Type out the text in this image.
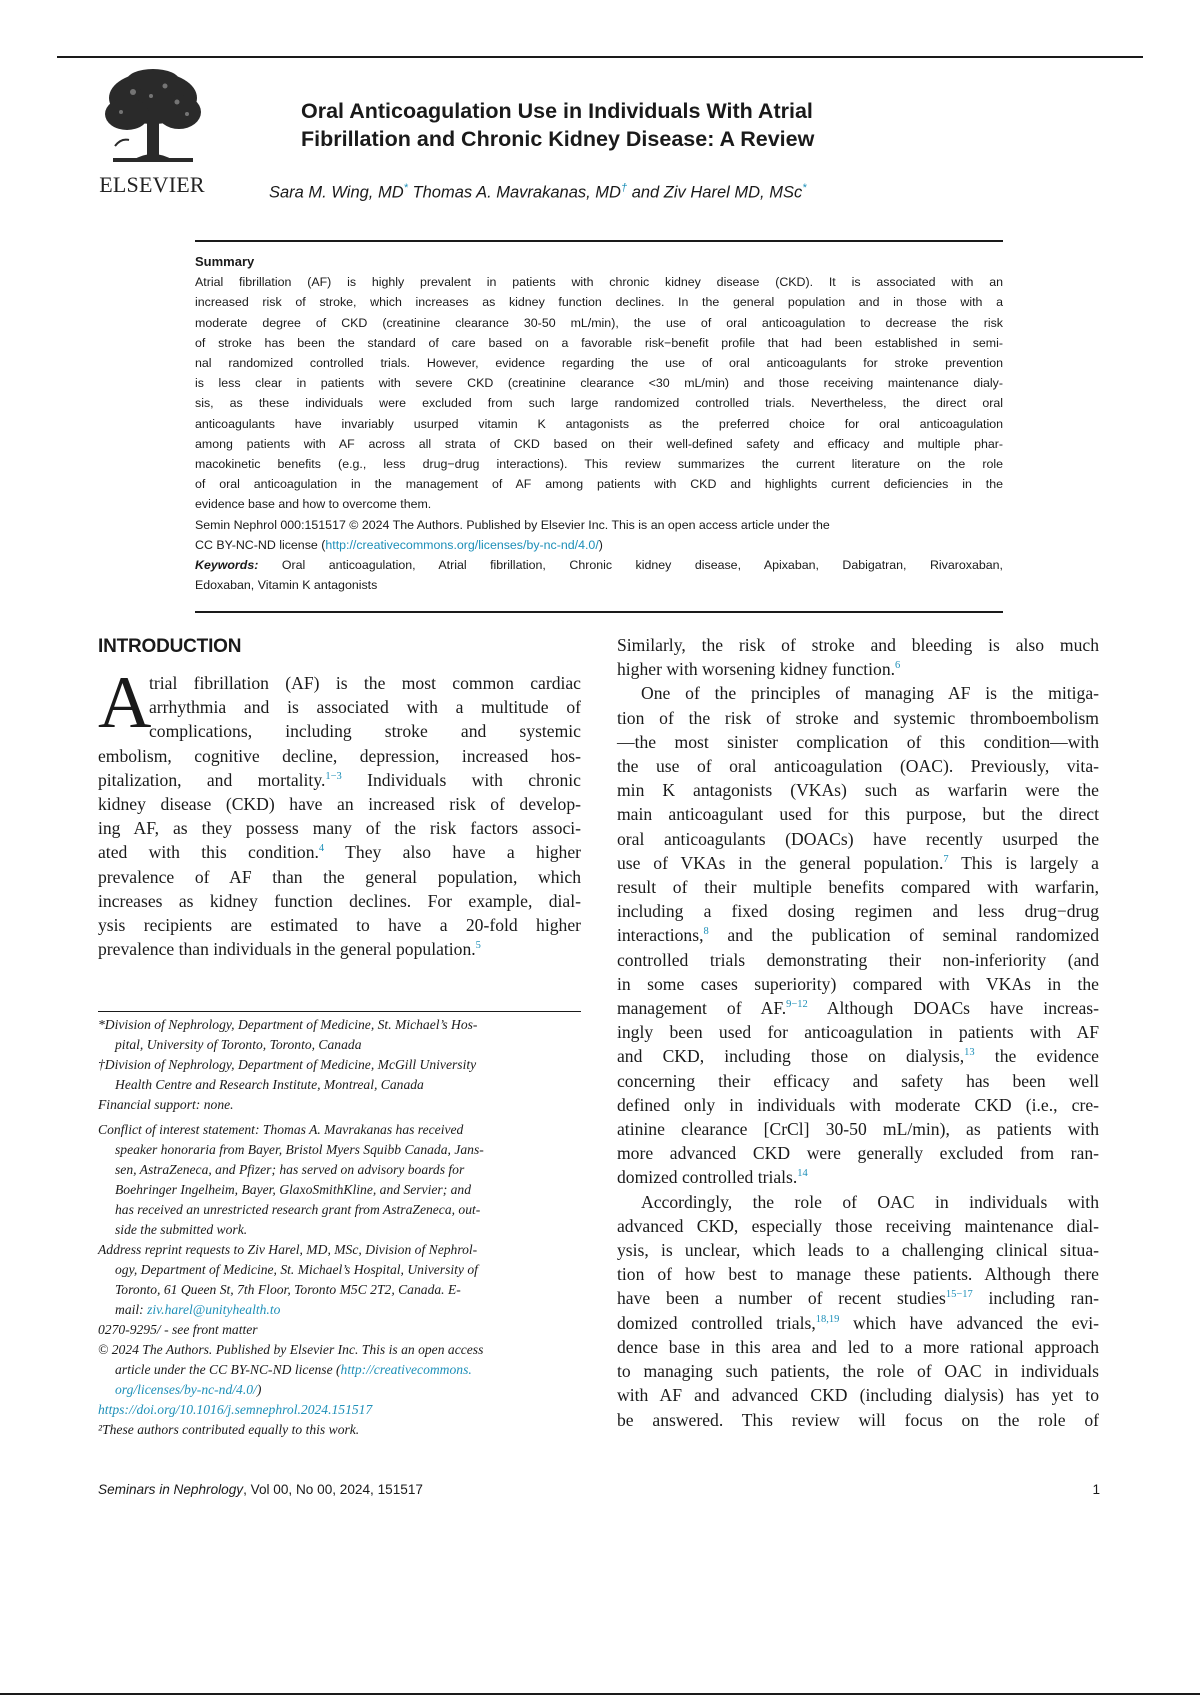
ELSEVIER
Oral Anticoagulation Use in Individuals With Atrial
Fibrillation and Chronic Kidney Disease: A Review
Sara M. Wing, MD* Thomas A. Mavrakanas, MD† and Ziv Harel MD, MSc*

Summary

Atrial fibrillation (AF) is highly prevalent in patients with chronic kidney disease (CKD). It is associated with an
increased risk of stroke, which increases as kidney function declines. In the general population and in those with a
moderate degree of CKD (creatinine clearance 30-50 mL/min), the use of oral anticoagulation to decrease the risk
of stroke has been the standard of care based on a favorable risk−benefit profile that had been established in semi-
nal randomized controlled trials. However, evidence regarding the use of oral anticoagulants for stroke prevention
is less clear in patients with severe CKD (creatinine clearance <30 mL/min) and those receiving maintenance dialy-
sis, as these individuals were excluded from such large randomized controlled trials. Nevertheless, the direct oral
anticoagulants have invariably usurped vitamin K antagonists as the preferred choice for oral anticoagulation
among patients with AF across all strata of CKD based on their well-defined safety and efficacy and multiple phar-
macokinetic benefits (e.g., less drug−drug interactions). This review summarizes the current literature on the role
of oral anticoagulation in the management of AF among patients with CKD and highlights current deficiencies in the
evidence base and how to overcome them.

Semin Nephrol 000:151517 © 2024 The Authors. Published by Elsevier Inc. This is an open access article under the
CC BY-NC-ND license (http://creativecommons.org/licenses/by-nc-nd/4.0/)

Keywords: Oral anticoagulation, Atrial fibrillation, Chronic kidney disease, Apixaban, Dabigatran, Rivaroxaban,
Edoxaban, Vitamin K antagonists

INTRODUCTION
A
trial fibrillation (AF) is the most common cardiac
arrhythmia and is associated with a multitude of
complications, including stroke and systemic
embolism, cognitive decline, depression, increased hos-
pitalization, and mortality.$^{1-3}$ Individuals with chronic
kidney disease (CKD) have an increased risk of develop-
ing AF, as they possess many of the risk factors associ-
ated with this condition.$^4$ They also have a higher
prevalence of AF than the general population, which
increases as kidney function declines. For example, dial-
ysis recipients are estimated to have a 20-fold higher
prevalence than individuals in the general population.$^5$

*Division of Nephrology, Department of Medicine, St. Michael’s Hos-
pital, University of Toronto, Toronto, Canada

†Division of Nephrology, Department of Medicine, McGill University
Health Centre and Research Institute, Montreal, Canada

Financial support: none.

Conflict of interest statement: Thomas A. Mavrakanas has received
speaker honoraria from Bayer, Bristol Myers Squibb Canada, Jans-
sen, AstraZeneca, and Pfizer; has served on advisory boards for
Boehringer Ingelheim, Bayer, GlaxoSmithKline, and Servier; and
has received an unrestricted research grant from AstraZeneca, out-
side the submitted work.

Address reprint requests to Ziv Harel, MD, MSc, Division of Nephrol-
ogy, Department of Medicine, St. Michael’s Hospital, University of
Toronto, 61 Queen St, 7th Floor, Toronto M5C 2T2, Canada. E-
mail: ziv.harel@unityhealth.to

0270-9295/ - see front matter

© 2024 The Authors. Published by Elsevier Inc. This is an open access
article under the CC BY-NC-ND license (http://creativecommons.
org/licenses/by-nc-nd/4.0/)

https://doi.org/10.1016/j.semnephrol.2024.151517

²These authors contributed equally to this work.

Similarly, the risk of stroke and bleeding is also much
higher with worsening kidney function.$^6$
One of the principles of managing AF is the mitiga-
tion of the risk of stroke and systemic thromboembolism
—the most sinister complication of this condition—with
the use of oral anticoagulation (OAC). Previously, vita-
min K antagonists (VKAs) such as warfarin were the
main anticoagulant used for this purpose, but the direct
oral anticoagulants (DOACs) have recently usurped the
use of VKAs in the general population.$^7$ This is largely a
result of their multiple benefits compared with warfarin,
including a fixed dosing regimen and less drug−drug
interactions,$^8$ and the publication of seminal randomized
controlled trials demonstrating their non-inferiority (and
in some cases superiority) compared with VKAs in the
management of AF.$^{9-12}$ Although DOACs have increas-
ingly been used for anticoagulation in patients with AF
and CKD, including those on dialysis,$^{13}$ the evidence
concerning their efficacy and safety has been well
defined only in individuals with moderate CKD (i.e., cre-
atinine clearance [CrCl] 30-50 mL/min), as patients with
more advanced CKD were generally excluded from ran-
domized controlled trials.$^{14}$
Accordingly, the role of OAC in individuals with
advanced CKD, especially those receiving maintenance dial-
ysis, is unclear, which leads to a challenging clinical situa-
tion of how best to manage these patients. Although there
have been a number of recent studies$^{15-17}$ including ran-
domized controlled trials,$^{18,19}$ which have advanced the evi-
dence base in this area and led to a more rational approach
to managing such patients, the role of OAC in individuals
with AF and advanced CKD (including dialysis) has yet to
be answered. This review will focus on the role of
Seminars in Nephrology, Vol 00, No 00, 2024, 151517	1
